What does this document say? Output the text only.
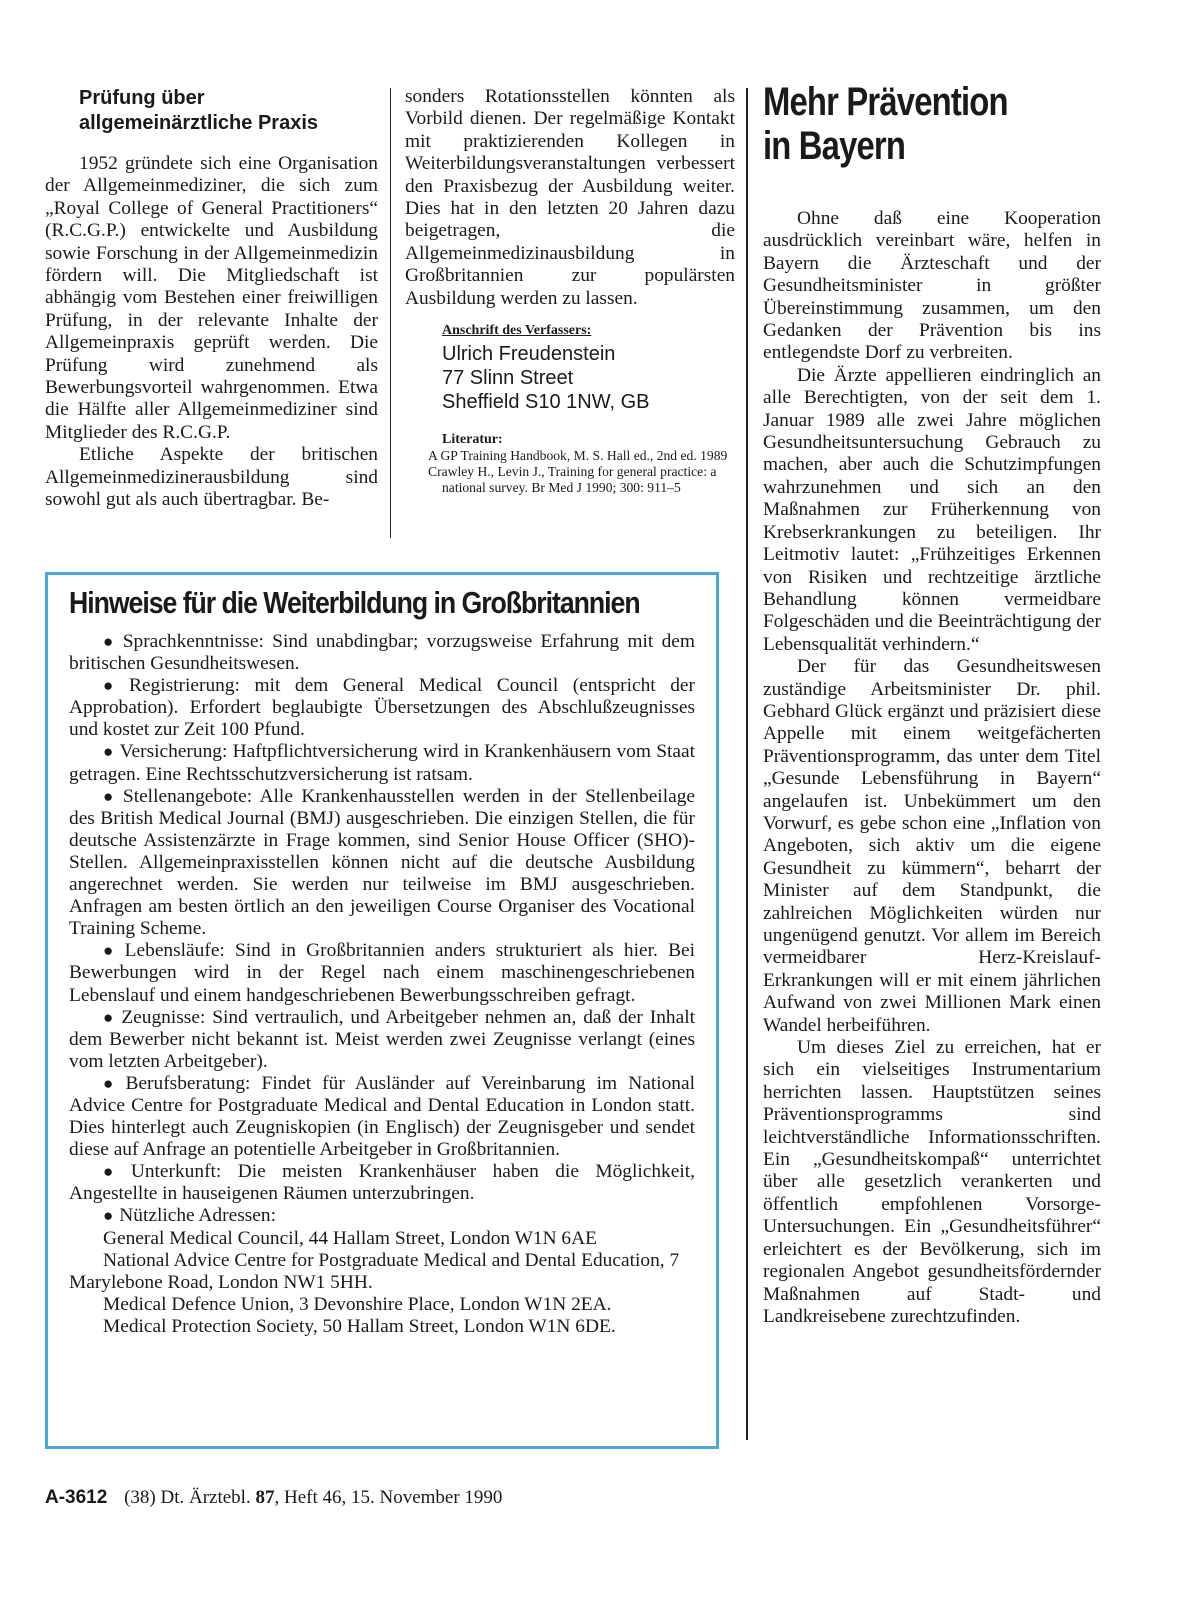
Prüfung über

allgemeinärztliche Praxis

1952 gründete sich eine Organisation der Allgemeinmediziner, die sich zum „Royal College of General Practitioners“ (R.C.G.P.) entwickelte und Ausbildung sowie Forschung in der Allgemeinmedizin fördern will. Die Mitgliedschaft ist abhängig vom Bestehen einer freiwilligen Prüfung, in der relevante Inhalte der Allgemeinpraxis geprüft werden. Die Prüfung wird zunehmend als Bewerbungsvorteil wahrgenommen. Etwa die Hälfte aller Allgemeinmediziner sind Mitglieder des R.C.G.P.

Etliche Aspekte der britischen Allgemeinmedizinerausbildung sind sowohl gut als auch übertragbar. Be-

sonders Rotationsstellen könnten als Vorbild dienen. Der regelmäßige Kontakt mit praktizierenden Kollegen in Weiterbildungsveranstaltungen verbessert den Praxisbezug der Ausbildung weiter. Dies hat in den letzten 20 Jahren dazu beigetragen, die Allgemeinmedizinausbildung in Großbritannien zur populärsten Ausbildung werden zu lassen.

Anschrift des Verfassers:

Ulrich Freudenstein

77 Slinn Street

Sheffield S10 1NW, GB

Literatur:

A GP Training Handbook, M. S. Hall ed., 2nd ed. 1989

Crawley H., Levin J., Training for general practice: a national survey. Br Med J 1990; 300: 911–5

Hinweise für die Weiterbildung in Großbritannien

● Sprachkenntnisse: Sind unabdingbar; vorzugsweise Erfahrung mit dem britischen Gesundheitswesen.

● Registrierung: mit dem General Medical Council (entspricht der Approbation). Erfordert beglaubigte Übersetzungen des Abschlußzeugnisses und kostet zur Zeit 100 Pfund.

● Versicherung: Haftpflichtversicherung wird in Krankenhäusern vom Staat getragen. Eine Rechtsschutzversicherung ist ratsam.

● Stellenangebote: Alle Krankenhausstellen werden in der Stellenbeilage des British Medical Journal (BMJ) ausgeschrieben. Die einzigen Stellen, die für deutsche Assistenzärzte in Frage kommen, sind Senior House Officer (SHO)-Stellen. Allgemeinpraxisstellen können nicht auf die deutsche Ausbildung angerechnet werden. Sie werden nur teilweise im BMJ ausgeschrieben. Anfragen am besten örtlich an den jeweiligen Course Organiser des Vocational Training Scheme.

● Lebensläufe: Sind in Großbritannien anders strukturiert als hier. Bei Bewerbungen wird in der Regel nach einem maschinengeschriebenen Lebenslauf und einem handgeschriebenen Bewerbungsschreiben gefragt.

● Zeugnisse: Sind vertraulich, und Arbeitgeber nehmen an, daß der Inhalt dem Bewerber nicht bekannt ist. Meist werden zwei Zeugnisse verlangt (eines vom letzten Arbeitgeber).

● Berufsberatung: Findet für Ausländer auf Vereinbarung im National Advice Centre for Postgraduate Medical and Dental Education in London statt. Dies hinterlegt auch Zeugniskopien (in Englisch) der Zeugnisgeber und sendet diese auf Anfrage an potentielle Arbeitgeber in Großbritannien.

● Unterkunft: Die meisten Krankenhäuser haben die Möglichkeit, Angestellte in hauseigenen Räumen unterzubringen.

● Nützliche Adressen:

General Medical Council, 44 Hallam Street, London W1N 6AE

National Advice Centre for Postgraduate Medical and Dental Education, 7 Marylebone Road, London NW1 5HH.

Medical Defence Union, 3 Devonshire Place, London W1N 2EA.

Medical Protection Society, 50 Hallam Street, London W1N 6DE.

Mehr Prävention

in Bayern

Ohne daß eine Kooperation ausdrücklich vereinbart wäre, helfen in Bayern die Ärzteschaft und der Gesundheitsminister in größter Übereinstimmung zusammen, um den Gedanken der Prävention bis ins entlegendste Dorf zu verbreiten.

Die Ärzte appellieren eindringlich an alle Berechtigten, von der seit dem 1. Januar 1989 alle zwei Jahre möglichen Gesundheitsuntersuchung Gebrauch zu machen, aber auch die Schutzimpfungen wahrzunehmen und sich an den Maßnahmen zur Früherkennung von Krebserkrankungen zu beteiligen. Ihr Leitmotiv lautet: „Frühzeitiges Erkennen von Risiken und rechtzeitige ärztliche Behandlung können vermeidbare Folgeschäden und die Beeinträchtigung der Lebensqualität verhindern.“

Der für das Gesundheitswesen zuständige Arbeitsminister Dr. phil. Gebhard Glück ergänzt und präzisiert diese Appelle mit einem weitgefächerten Präventionsprogramm, das unter dem Titel „Gesunde Lebensführung in Bayern“ angelaufen ist. Unbekümmert um den Vorwurf, es gebe schon eine „Inflation von Angeboten, sich aktiv um die eigene Gesundheit zu kümmern“, beharrt der Minister auf dem Standpunkt, die zahlreichen Möglichkeiten würden nur ungenügend genutzt. Vor allem im Bereich vermeidbarer Herz-Kreislauf-Erkrankungen will er mit einem jährlichen Aufwand von zwei Millionen Mark einen Wandel herbeiführen.

Um dieses Ziel zu erreichen, hat er sich ein vielseitiges Instrumentarium herrichten lassen. Hauptstützen seines Präventionsprogramms sind leichtverständliche Informationsschriften. Ein „Gesundheitskompaß“ unterrichtet über alle gesetzlich verankerten und öffentlich empfohlenen Vorsorge-Untersuchungen. Ein „Gesundheitsführer“ erleichtert es der Bevölkerung, sich im regionalen Angebot gesundheitsfördernder Maßnahmen auf Stadt- und Landkreisebene zurechtzufinden.

A-3612 (38) Dt. Ärztebl. 87, Heft 46, 15. November 1990
